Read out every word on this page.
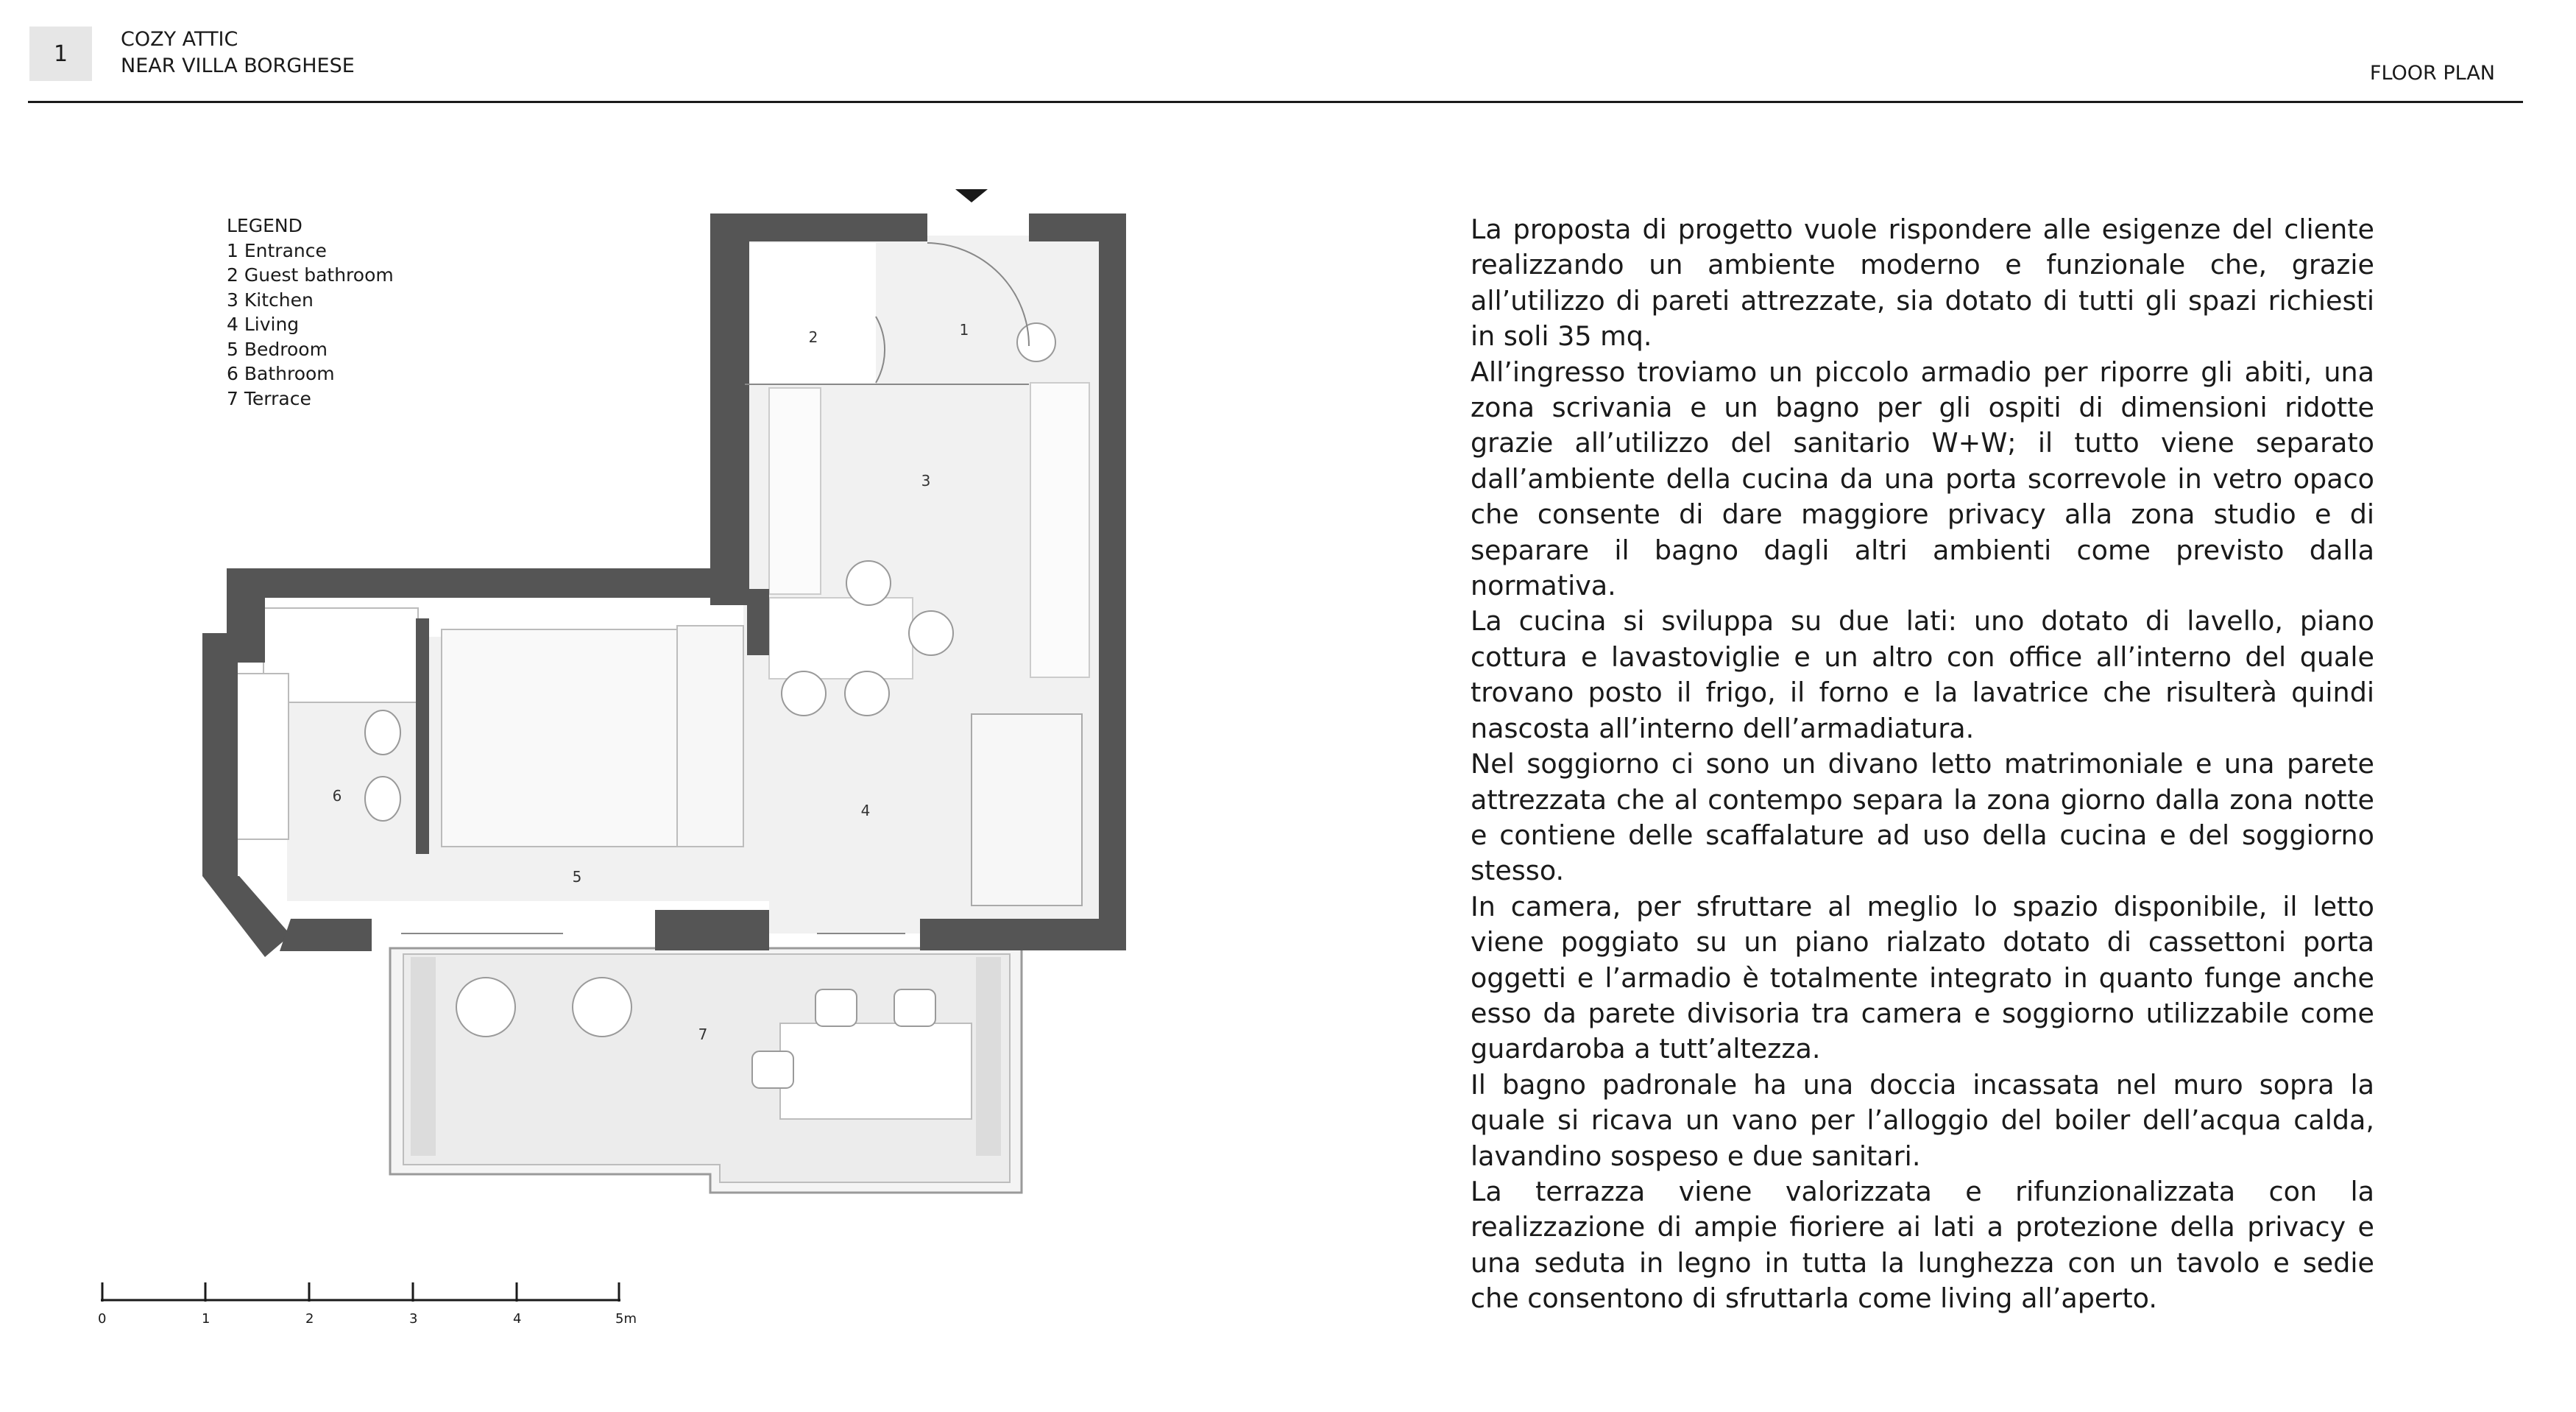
1
COZY ATTIC
NEAR VILLA BORGHESE	FLOOR PLAN
1
2
3
4
5
6
7
0	1	2	3	4	5m
LEGEND
1 Entrance
2 Guest bathroom
3 Kitchen
4 Living
5 Bedroom
6 Bathroom
7 Terrace

La proposta di progetto vuole rispondere alle esigenze del cliente realizzando un ambiente moderno e funzionale che, grazie all’utilizzo di pareti attrezzate, sia dotato di tutti gli spazi richiesti in soli 35 mq.

All’ingresso troviamo un piccolo armadio per riporre gli abiti, una zona scrivania e un bagno per gli ospiti di dimensioni ridotte grazie all’utilizzo del sanitario W+W; il tutto viene separato dall’ambiente della cucina da una porta scorrevole in vetro opaco che consente di dare maggiore privacy alla zona studio e di separare il bagno dagli altri ambienti come previsto dalla normativa.

La cucina si sviluppa su due lati: uno dotato di lavello, piano cottura e lavastoviglie e un altro con office all’interno del quale trovano posto il frigo, il forno e la lavatrice che risulterà quindi nascosta all’interno dell’armadiatura.

Nel soggiorno ci sono un divano letto matrimoniale e una parete attrezzata che al contempo separa la zona giorno dalla zona notte e contiene delle scaffalature ad uso della cucina e del soggiorno stesso.

In camera, per sfruttare al meglio lo spazio disponibile, il letto viene poggiato su un piano rialzato dotato di cassettoni porta oggetti e l’armadio è totalmente integrato in quanto funge anche esso da parete divisoria tra camera e soggiorno utilizzabile come guardaroba a tutt’altezza.

Il bagno padronale ha una doccia incassata nel muro sopra la quale si ricava un vano per l’alloggio del boiler dell’acqua calda, lavandino sospeso e due sanitari.

La terrazza viene valorizzata e rifunzionalizzata con la realizzazione di ampie fioriere ai lati a protezione della privacy e una seduta in legno in tutta la lunghezza con un tavolo e sedie che consentono di sfruttarla come living all’aperto.
